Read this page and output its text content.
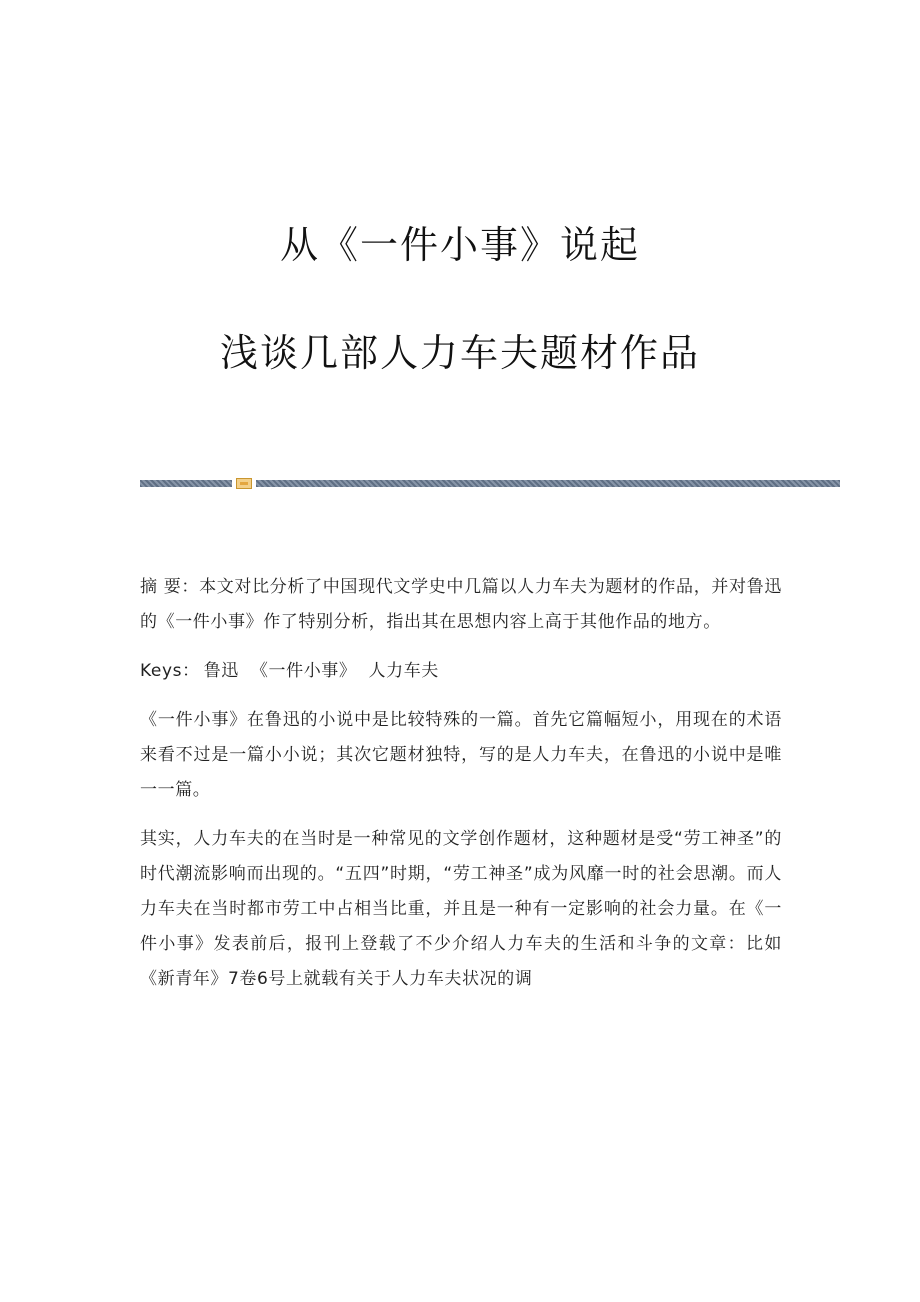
从《一件小事》说起
浅谈几部人力车夫题材作品

摘 要：本文对比分析了中国现代文学史中几篇以人力车夫为题材的作品，并对鲁迅的《一件小事》作了特别分析，指出其在思想内容上高于其他作品的地方。

Keys： 鲁迅 《一件小事》 人力车夫

《一件小事》在鲁迅的小说中是比较特殊的一篇。首先它篇幅短小，用现在的术语来看不过是一篇小小说；其次它题材独特，写的是人力车夫，在鲁迅的小说中是唯一一篇。

其实，人力车夫的在当时是一种常见的文学创作题材，这种题材是受“劳工神圣”的时代潮流影响而出现的。“五四”时期，“劳工神圣”成为风靡一时的社会思潮。而人力车夫在当时都市劳工中占相当比重，并且是一种有一定影响的社会力量。在《一件小事》发表前后，报刊上登载了不少介绍人力车夫的生活和斗争的文章：比如《新青年》7卷6号上就载有关于人力车夫状况的调
